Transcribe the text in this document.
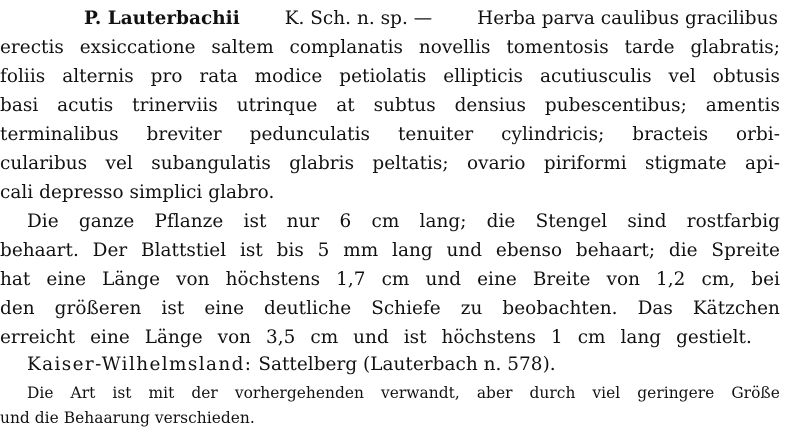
P. Lauterbachii K. Sch. n. sp. — Herba parva caulibus gracilibus
erectis exsiccatione saltem complanatis novellis tomentosis tarde glabratis;
foliis alternis pro rata modice petiolatis ellipticis acutiusculis vel obtusis
basi acutis trinerviis utrinque at subtus densius pubescentibus; amentis
terminalibus breviter pedunculatis tenuiter cylindricis; bracteis orbi-
cularibus vel subangulatis glabris peltatis; ovario piriformi stigmate api-
cali depresso simplici glabro.
Die ganze Pflanze ist nur 6 cm lang; die Stengel sind rostfarbig
behaart. Der Blattstiel ist bis 5 mm lang und ebenso behaart; die Spreite
hat eine Länge von höchstens 1,7 cm und eine Breite von 1,2 cm, bei
den größeren ist eine deutliche Schiefe zu beobachten. Das Kätzchen
erreicht eine Länge von 3,5 cm und ist höchstens 1 cm lang gestielt.
Kaiser-Wilhelmsland: Sattelberg (Lauterbach n. 578).
Die Art ist mit der vorhergehenden verwandt, aber durch viel geringere Größe
und die Behaarung verschieden.
